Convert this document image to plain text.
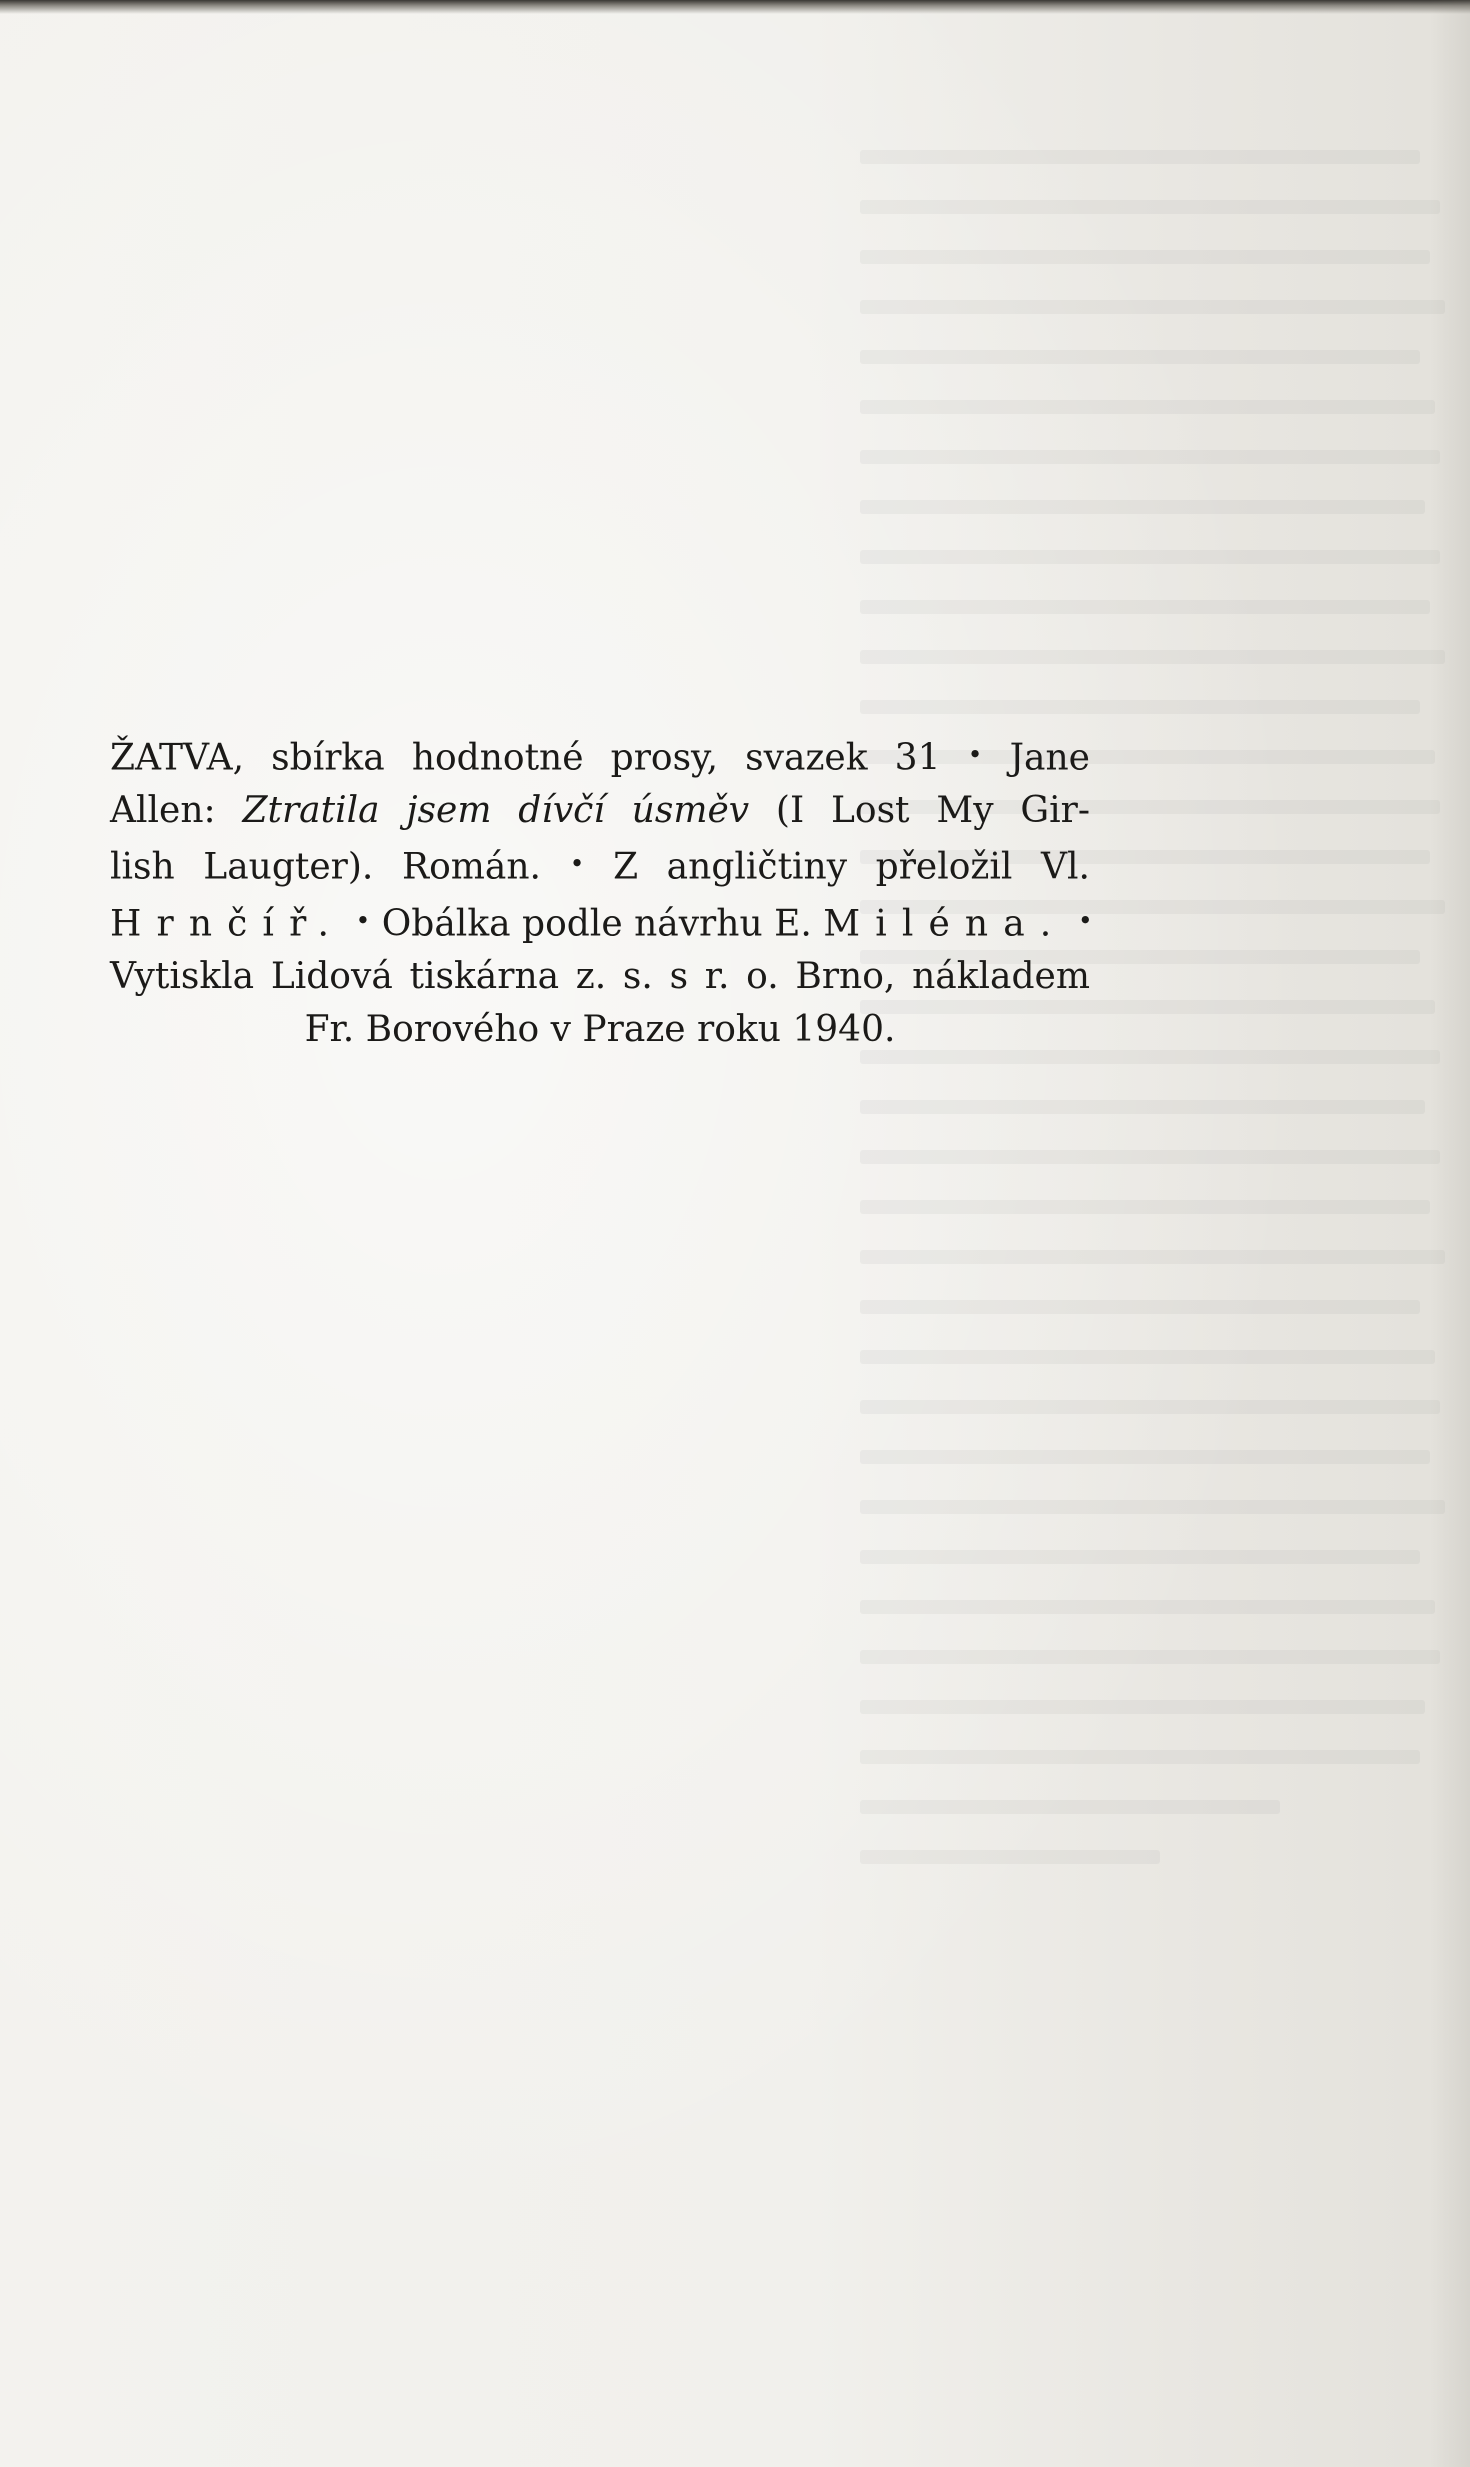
ŽATVA, sbírka hodnotné prosy, svazek 31 • Jane
Allen: Ztratila jsem dívčí úsměv (I Lost My Gir-
lish Laugter). Román. • Z angličtiny přeložil Vl.
Hrnčíř. • Obálka podle návrhu E. Miléna. •
Vytiskla Lidová tiskárna z. s. s r. o. Brno, nákladem
Fr. Borového v Praze roku 1940.
